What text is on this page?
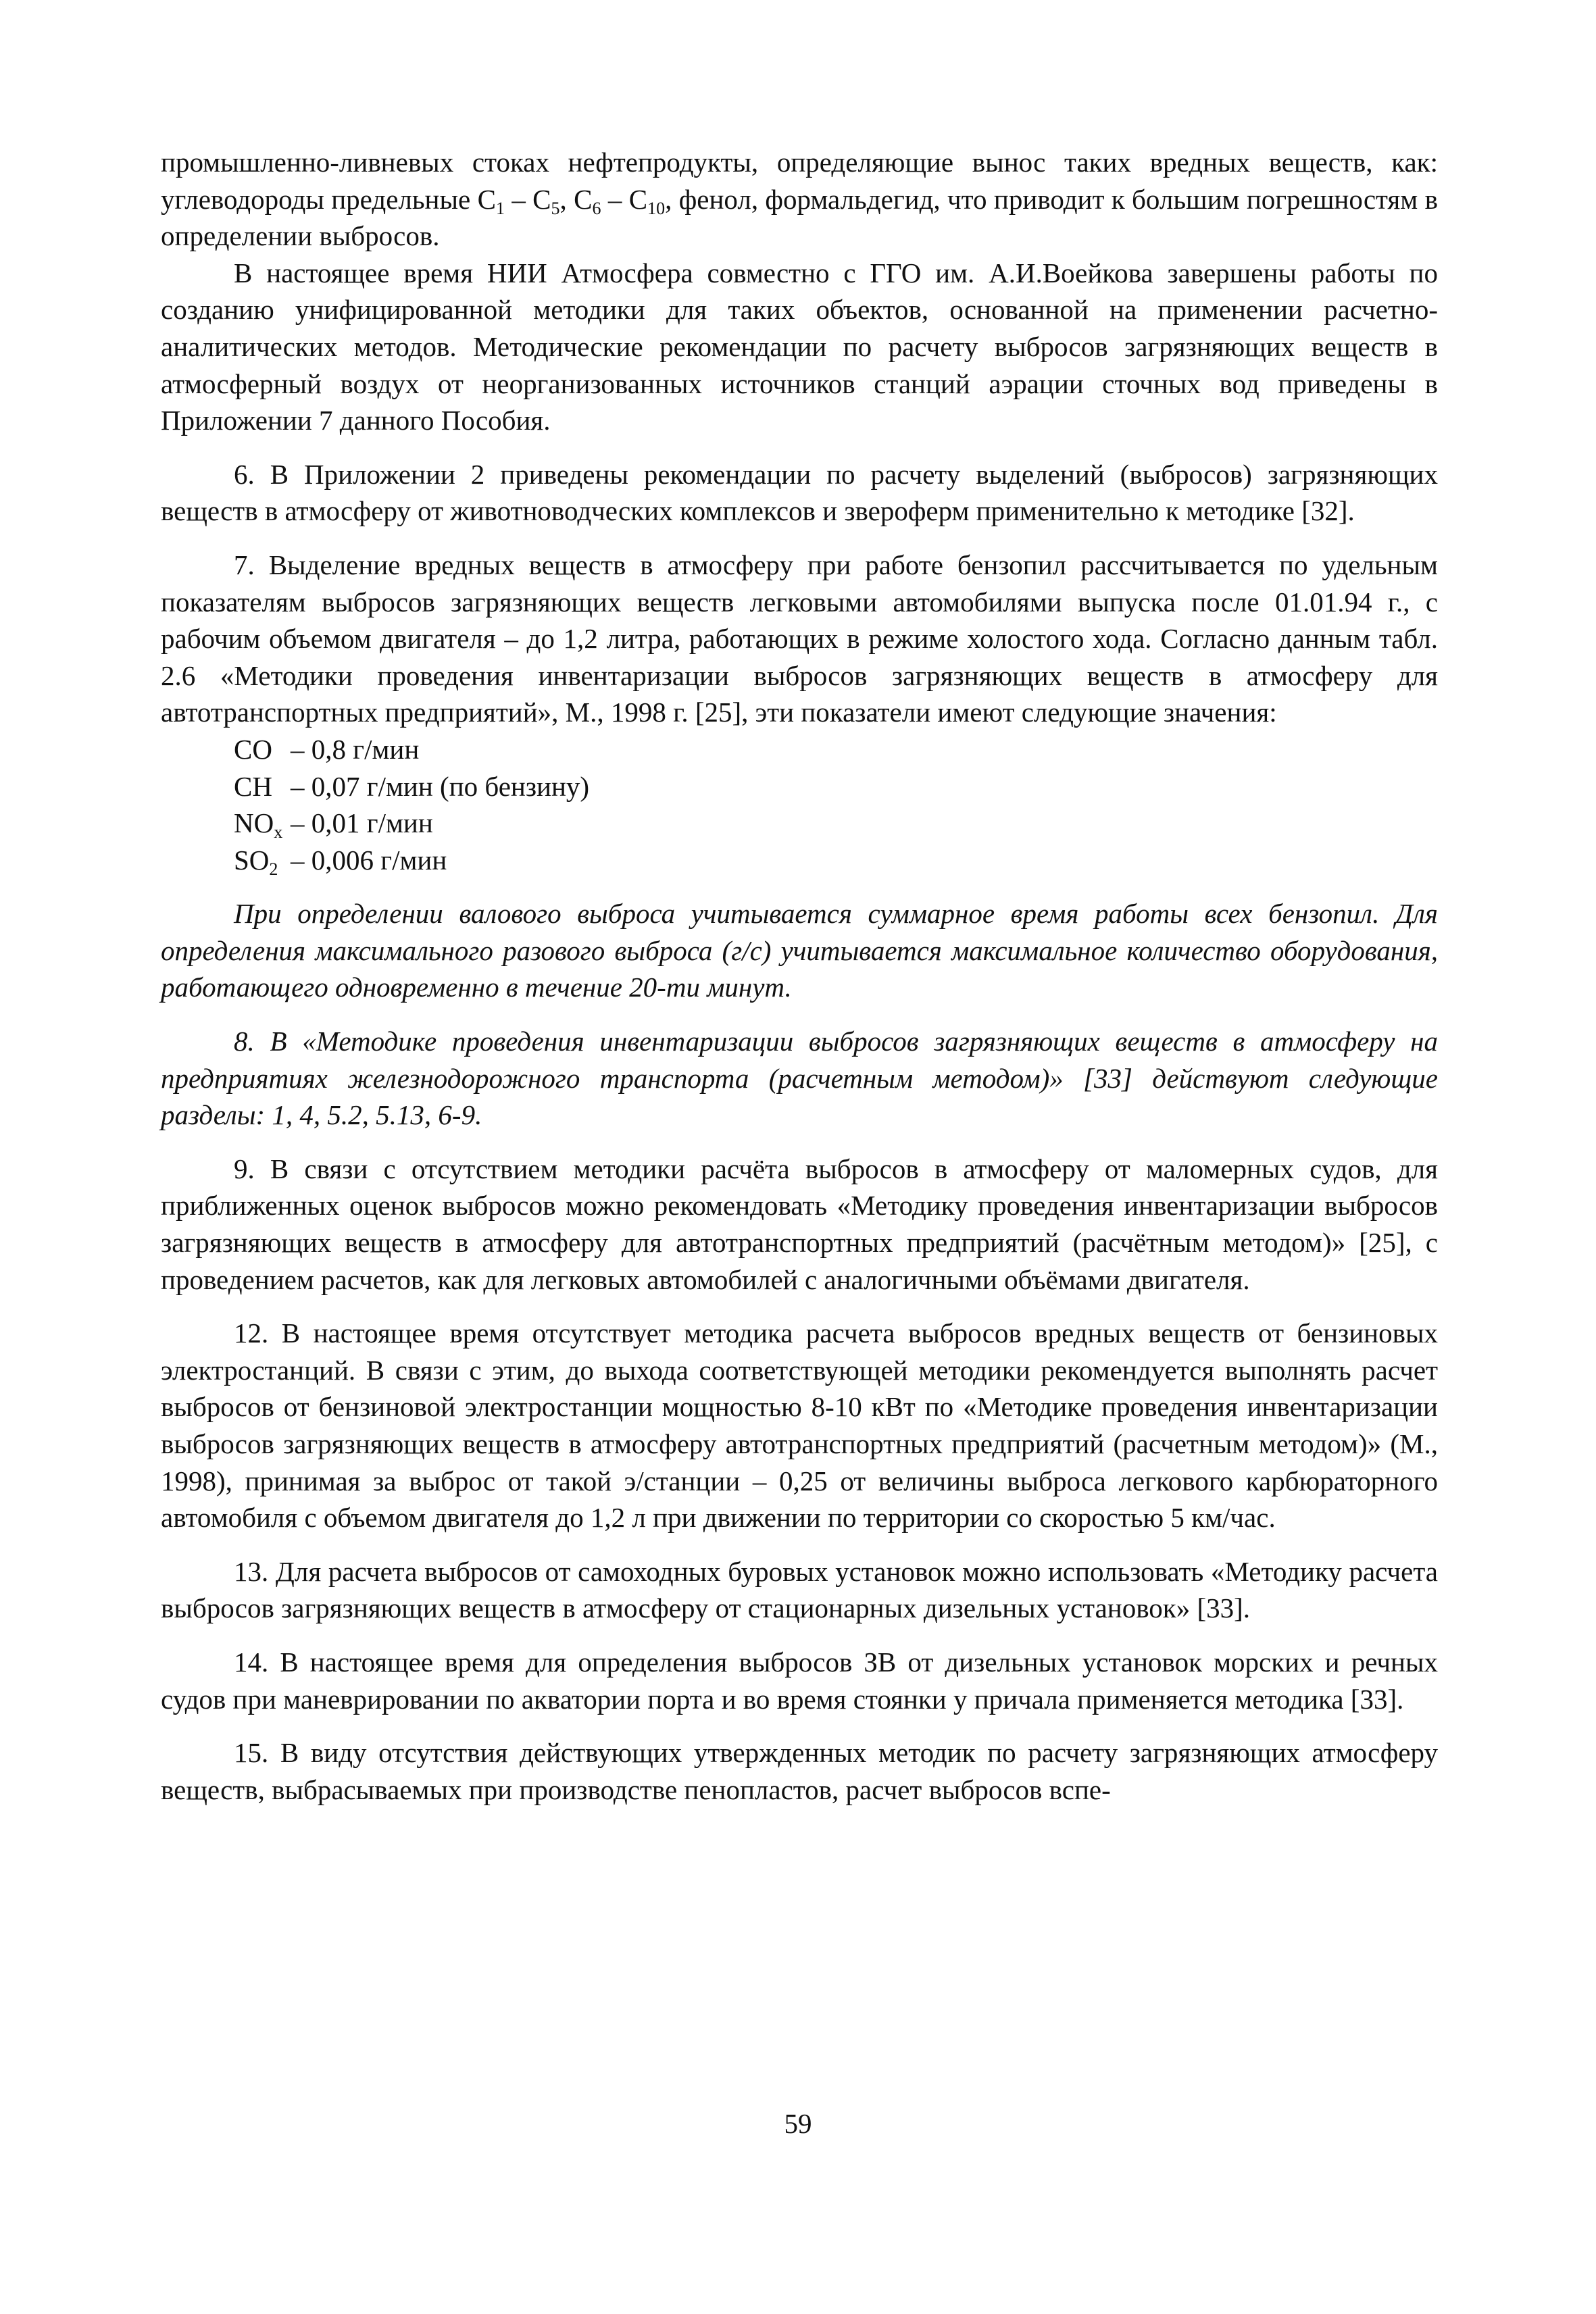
промышленно-ливневых стоках нефтепродукты, определяющие вынос таких вредных веществ, как: углеводороды предельные $С_1 - С_5$, $С_6 - С_{10}$, фенол, формальдегид, что приводит к большим погрешностям в определении выбросов.

В настоящее время НИИ Атмосфера совместно с ГГО им. А.И.Воейкова завершены работы по созданию унифицированной методики для таких объектов, основанной на применении расчетно-аналитических методов. Методические рекомендации по расчету выбросов загрязняющих веществ в атмосферный воздух от неорганизованных источников станций аэрации сточных вод приведены в Приложении 7 данного Пособия.

6. В Приложении 2 приведены рекомендации по расчету выделений (выбросов) загрязняющих веществ в атмосферу от животноводческих комплексов и звероферм применительно к методике [32].

7. Выделение вредных веществ в атмосферу при работе бензопил рассчитывается по удельным показателям выбросов загрязняющих веществ легковыми автомобилями выпуска после 01.01.94 г., с рабочим объемом двигателя – до 1,2 литра, работающих в режиме холостого хода. Согласно данным табл. 2.6 «Методики проведения инвентаризации выбросов загрязняющих веществ в атмосферу для автотранспортных предприятий», М., 1998 г. [25], эти показатели имеют следующие значения:

CO – 0,8 г/мин
CH – 0,07 г/мин (по бензину)
$NO_x - 0,01$ г/мин
$SO_2 - 0,006$ г/мин

При определении валового выброса учитывается суммарное время работы всех бензопил. Для определения максимального разового выброса (г/с) учитывается максимальное количество оборудования, работающего одновременно в течение 20-ти минут.

8. В «Методике проведения инвентаризации выбросов загрязняющих веществ в атмосферу на предприятиях железнодорожного транспорта (расчетным методом)» [33] действуют следующие разделы: 1, 4, 5.2, 5.13, 6-9.

9. В связи с отсутствием методики расчёта выбросов в атмосферу от маломерных судов, для приближенных оценок выбросов можно рекомендовать «Методику проведения инвентаризации выбросов загрязняющих веществ в атмосферу для автотранспортных предприятий (расчётным методом)» [25], с проведением расчетов, как для легковых автомобилей с аналогичными объёмами двигателя.

12. В настоящее время отсутствует методика расчета выбросов вредных веществ от бензиновых электростанций. В связи с этим, до выхода соответствующей методики рекомендуется выполнять расчет выбросов от бензиновой электростанции мощностью 8-10 кВт по «Методике проведения инвентаризации выбросов загрязняющих веществ в атмосферу автотранспортных предприятий (расчетным методом)» (М., 1998), принимая за выброс от такой э/станции – 0,25 от величины выброса легкового карбюраторного автомобиля с объемом двигателя до 1,2 л при движении по территории со скоростью 5 км/час.

13. Для расчета выбросов от самоходных буровых установок можно использовать «Методику расчета выбросов загрязняющих веществ в атмосферу от стационарных дизельных установок» [33].

14. В настоящее время для определения выбросов ЗВ от дизельных установок морских и речных судов при маневрировании по акватории порта и во время стоянки у причала применяется методика [33].

15. В виду отсутствия действующих утвержденных методик по расчету загрязняющих атмосферу веществ, выбрасываемых при производстве пенопластов, расчет выбросов вспе-

59
